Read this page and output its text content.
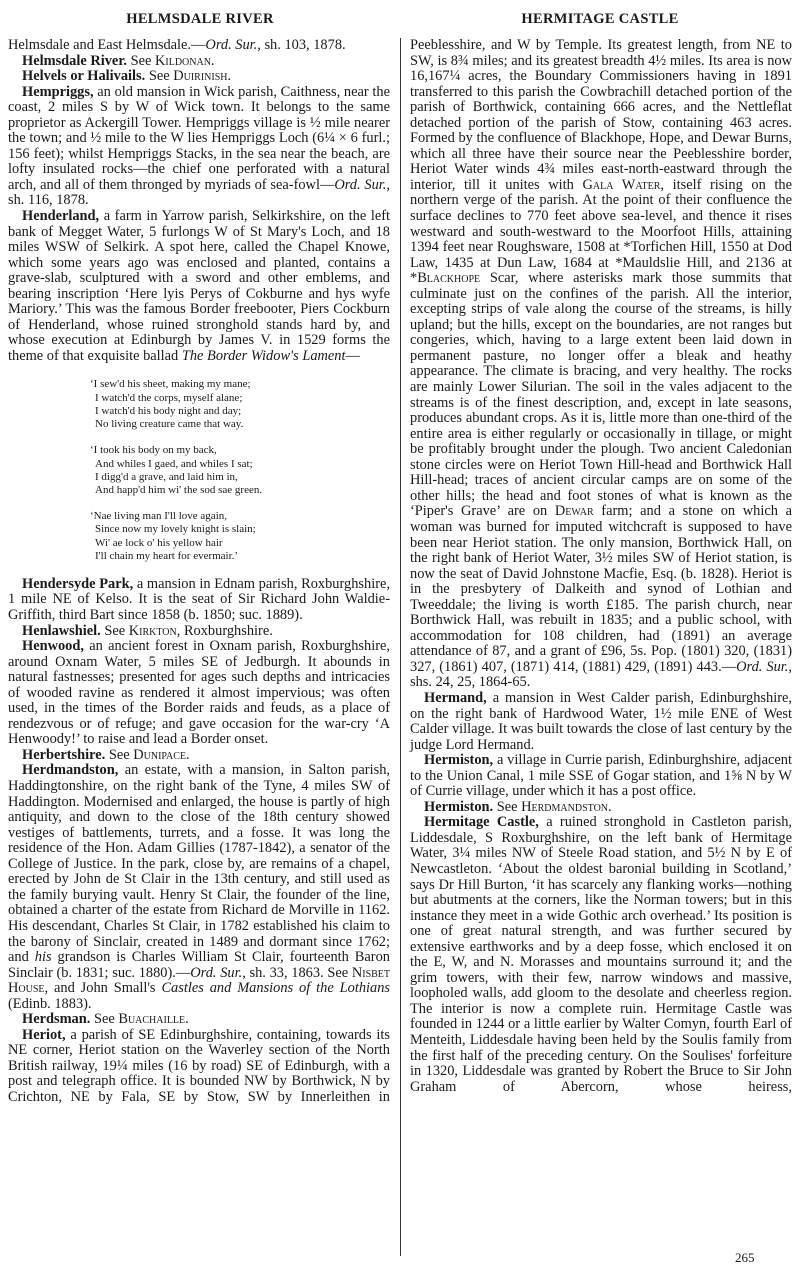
HELMSDALE RIVER	HERMITAGE CASTLE

Helmsdale and East Helmsdale.—Ord. Sur., sh. 103, 1878.

Helmsdale River. See Kildonan.

Helvels or Halivails. See Duirinish.

Hempriggs, an old mansion in Wick parish, Caithness, near the coast, 2 miles S by W of Wick town. It belongs to the same proprietor as Ackergill Tower. Hempriggs village is ½ mile nearer the town; and ½ mile to the W lies Hempriggs Loch (6¼ × 6 furl.; 156 feet); whilst Hempriggs Stacks, in the sea near the beach, are lofty insulated rocks—the chief one perforated with a natural arch, and all of them thronged by myriads of sea-fowl—Ord. Sur., sh. 116, 1878.

Henderland, a farm in Yarrow parish, Selkirkshire, on the left bank of Megget Water, 5 furlongs W of St Mary's Loch, and 18 miles WSW of Selkirk. A spot here, called the Chapel Knowe, which some years ago was enclosed and planted, contains a grave-slab, sculptured with a sword and other emblems, and bearing inscription ‘Here lyis Perys of Cokburne and hys wyfe Mariory.’ This was the famous Border freebooter, Piers Cockburn of Henderland, whose ruined stronghold stands hard by, and whose execution at Edinburgh by James V. in 1529 forms the theme of that exquisite ballad The Border Widow's Lament—

‘I sew'd his sheet, making my mane;
I watch'd the corps, myself alane;
I watch'd his body night and day;
No living creature came that way.
‘I took his body on my back,
And whiles I gaed, and whiles I sat;
I digg'd a grave, and laid him in,
And happ'd him wi' the sod sae green.
‘Nae living man I'll love again,
Since now my lovely knight is slain;
Wi' ae lock o' his yellow hair
I'll chain my heart for evermair.’

Hendersyde Park, a mansion in Ednam parish, Roxburghshire, 1 mile NE of Kelso. It is the seat of Sir Richard John Waldie-Griffith, third Bart since 1858 (b. 1850; suc. 1889).

Henlawshiel. See Kirkton, Roxburghshire.

Henwood, an ancient forest in Oxnam parish, Roxburghshire, around Oxnam Water, 5 miles SE of Jedburgh. It abounds in natural fastnesses; presented for ages such depths and intricacies of wooded ravine as rendered it almost impervious; was often used, in the times of the Border raids and feuds, as a place of rendezvous or of refuge; and gave occasion for the war-cry ‘A Henwoody!’ to raise and lead a Border onset.

Herbertshire. See Dunipace.

Herdmandston, an estate, with a mansion, in Salton parish, Haddingtonshire, on the right bank of the Tyne, 4 miles SW of Haddington. Modernised and enlarged, the house is partly of high antiquity, and down to the close of the 18th century showed vestiges of battlements, turrets, and a fosse. It was long the residence of the Hon. Adam Gillies (1787-1842), a senator of the College of Justice. In the park, close by, are remains of a chapel, erected by John de St Clair in the 13th century, and still used as the family burying vault. Henry St Clair, the founder of the line, obtained a charter of the estate from Richard de Morville in 1162. His descendant, Charles St Clair, in 1782 established his claim to the barony of Sinclair, created in 1489 and dormant since 1762; and his grandson is Charles William St Clair, fourteenth Baron Sinclair (b. 1831; suc. 1880).—Ord. Sur., sh. 33, 1863. See Nisbet House, and John Small's Castles and Mansions of the Lothians (Edinb. 1883).

Herdsman. See Buachaille.

Heriot, a parish of SE Edinburghshire, containing, towards its NE corner, Heriot station on the Waverley section of the North British railway, 19¼ miles (16 by road) SE of Edinburgh, with a post and telegraph office. It is bounded NW by Borthwick, N by Crichton, NE by Fala, SE by Stow, SW by Innerleithen in

Peeblesshire, and W by Temple. Its greatest length, from NE to SW, is 8¾ miles; and its greatest breadth 4½ miles. Its area is now 16,167¼ acres, the Boundary Commissioners having in 1891 transferred to this parish the Cowbrachill detached portion of the parish of Borthwick, containing 666 acres, and the Nettleflat detached portion of the parish of Stow, containing 463 acres. Formed by the confluence of Blackhope, Hope, and Dewar Burns, which all three have their source near the Peeblesshire border, Heriot Water winds 4¾ miles east-north-eastward through the interior, till it unites with Gala Water, itself rising on the northern verge of the parish. At the point of their confluence the surface declines to 770 feet above sea-level, and thence it rises westward and south-westward to the Moorfoot Hills, attaining 1394 feet near Roughsware, 1508 at *Torfichen Hill, 1550 at Dod Law, 1435 at Dun Law, 1684 at *Mauldslie Hill, and 2136 at *Blackhope Scar, where asterisks mark those summits that culminate just on the confines of the parish. All the interior, excepting strips of vale along the course of the streams, is hilly upland; but the hills, except on the boundaries, are not ranges but congeries, which, having to a large extent been laid down in permanent pasture, no longer offer a bleak and heathy appearance. The climate is bracing, and very healthy. The rocks are mainly Lower Silurian. The soil in the vales adjacent to the streams is of the finest description, and, except in late seasons, produces abundant crops. As it is, little more than one-third of the entire area is either regularly or occasionally in tillage, or might be profitably brought under the plough. Two ancient Caledonian stone circles were on Heriot Town Hill-head and Borthwick Hall Hill-head; traces of ancient circular camps are on some of the other hills; the head and foot stones of what is known as the ‘Piper's Grave’ are on Dewar farm; and a stone on which a woman was burned for imputed witchcraft is supposed to have been near Heriot station. The only mansion, Borthwick Hall, on the right bank of Heriot Water, 3½ miles SW of Heriot station, is now the seat of David Johnstone Macfie, Esq. (b. 1828). Heriot is in the presbytery of Dalkeith and synod of Lothian and Tweeddale; the living is worth £185. The parish church, near Borthwick Hall, was rebuilt in 1835; and a public school, with accommodation for 108 children, had (1891) an average attendance of 87, and a grant of £96, 5s. Pop. (1801) 320, (1831) 327, (1861) 407, (1871) 414, (1881) 429, (1891) 443.—Ord. Sur., shs. 24, 25, 1864-65.

Hermand, a mansion in West Calder parish, Edinburghshire, on the right bank of Hardwood Water, 1½ mile ENE of West Calder village. It was built towards the close of last century by the judge Lord Hermand.

Hermiston, a village in Currie parish, Edinburghshire, adjacent to the Union Canal, 1 mile SSE of Gogar station, and 1⅝ N by W of Currie village, under which it has a post office.

Hermiston. See Herdmandston.

Hermitage Castle, a ruined stronghold in Castleton parish, Liddesdale, S Roxburghshire, on the left bank of Hermitage Water, 3¼ miles NW of Steele Road station, and 5½ N by E of Newcastleton. ‘About the oldest baronial building in Scotland,’ says Dr Hill Burton, ‘it has scarcely any flanking works—nothing but abutments at the corners, like the Norman towers; but in this instance they meet in a wide Gothic arch overhead.’ Its position is one of great natural strength, and was further secured by extensive earthworks and by a deep fosse, which enclosed it on the E, W, and N. Morasses and mountains surround it; and the grim towers, with their few, narrow windows and massive, loopholed walls, add gloom to the desolate and cheerless region. The interior is now a complete ruin. Hermitage Castle was founded in 1244 or a little earlier by Walter Comyn, fourth Earl of Menteith, Liddesdale having been held by the Soulis family from the first half of the preceding century. On the Soulises' forfeiture in 1320, Liddesdale was granted by Robert the Bruce to Sir John Graham of Abercorn, whose heiress,

265
